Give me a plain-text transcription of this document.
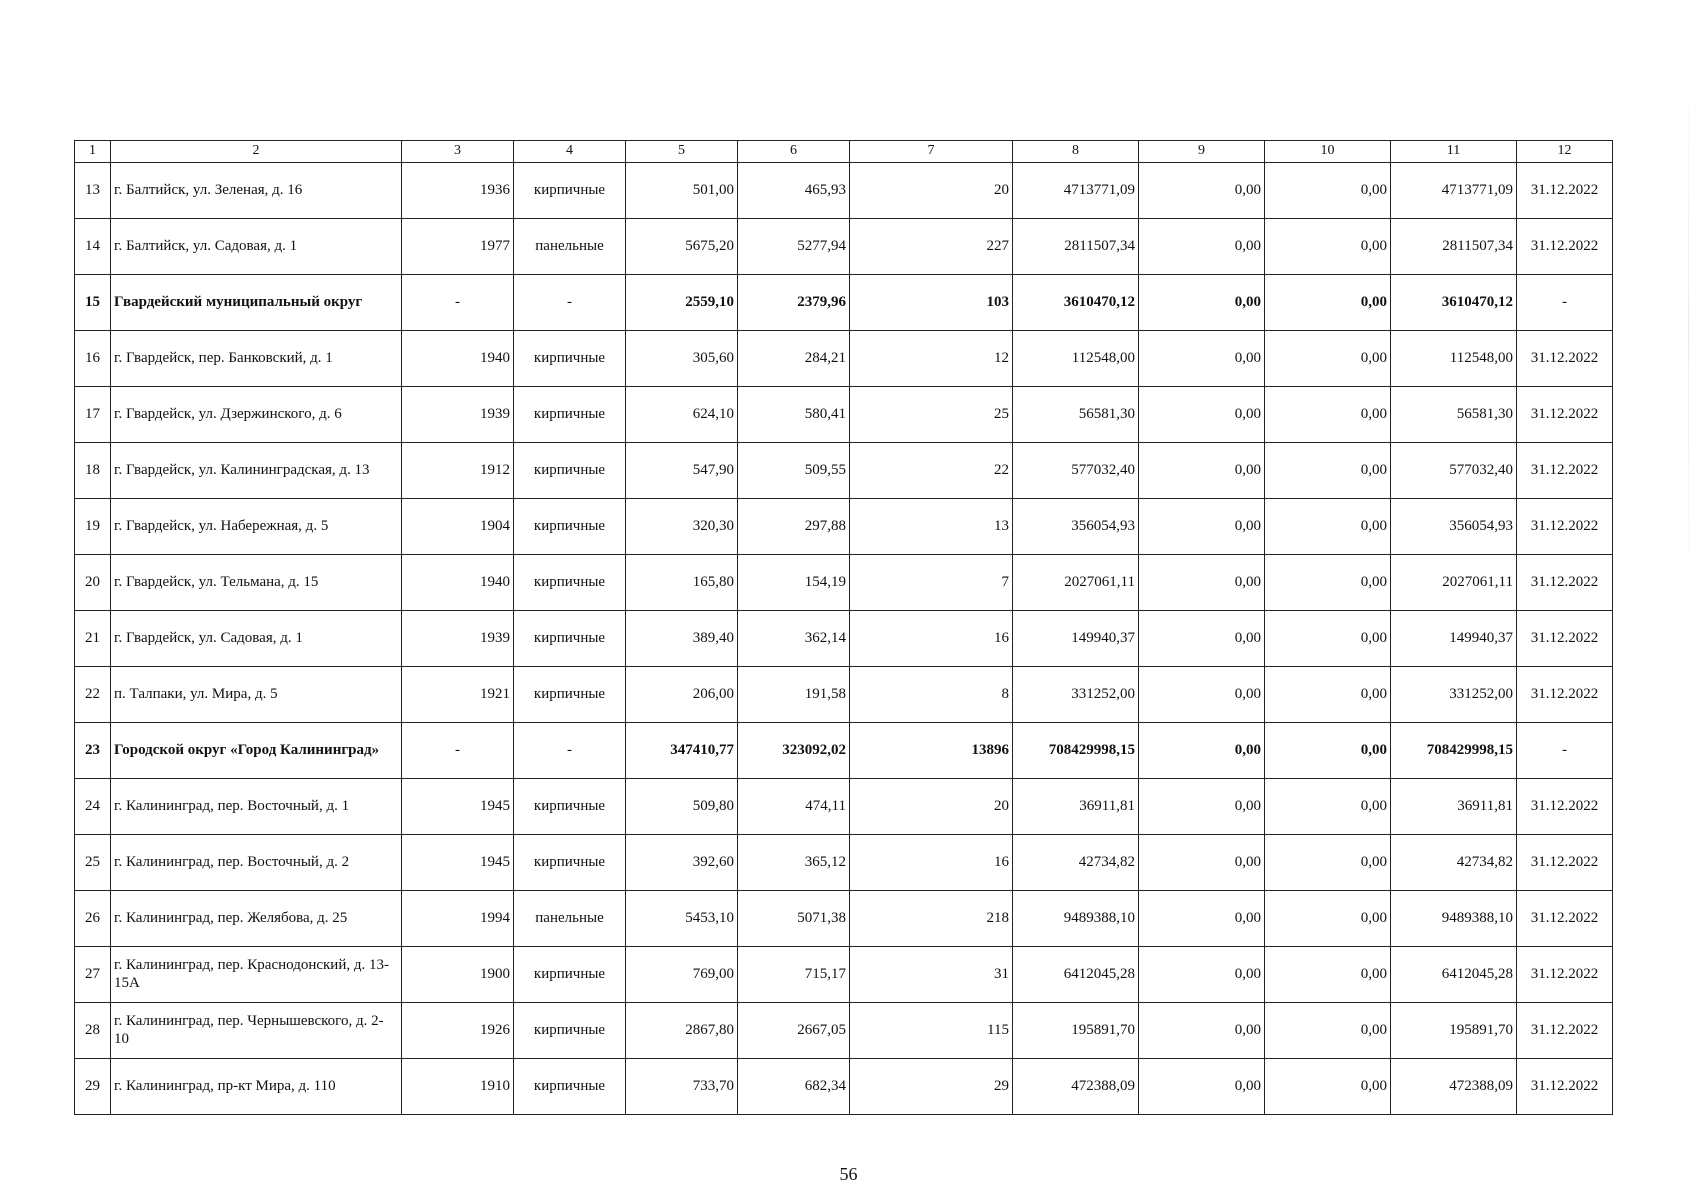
1	2	3	4	5	6	7	8	9	10	11	12
13	г. Балтийск, ул. Зеленая, д. 16	1936	кирпичные	501,00	465,93	20	4713771,09	0,00	0,00	4713771,09	31.12.2022
14	г. Балтийск, ул. Садовая, д. 1	1977	панельные	5675,20	5277,94	227	2811507,34	0,00	0,00	2811507,34	31.12.2022
15	Гвардейский муниципальный округ	-	-	2559,10	2379,96	103	3610470,12	0,00	0,00	3610470,12	-
16	г. Гвардейск, пер. Банковский, д. 1	1940	кирпичные	305,60	284,21	12	112548,00	0,00	0,00	112548,00	31.12.2022
17	г. Гвардейск, ул. Дзержинского, д. 6	1939	кирпичные	624,10	580,41	25	56581,30	0,00	0,00	56581,30	31.12.2022
18	г. Гвардейск, ул. Калининградская, д. 13	1912	кирпичные	547,90	509,55	22	577032,40	0,00	0,00	577032,40	31.12.2022
19	г. Гвардейск, ул. Набережная, д. 5	1904	кирпичные	320,30	297,88	13	356054,93	0,00	0,00	356054,93	31.12.2022
20	г. Гвардейск, ул. Тельмана, д. 15	1940	кирпичные	165,80	154,19	7	2027061,11	0,00	0,00	2027061,11	31.12.2022
21	г. Гвардейск, ул. Садовая, д. 1	1939	кирпичные	389,40	362,14	16	149940,37	0,00	0,00	149940,37	31.12.2022
22	п. Талпаки, ул. Мира, д. 5	1921	кирпичные	206,00	191,58	8	331252,00	0,00	0,00	331252,00	31.12.2022
23	Городской округ «Город Калининград»	-	-	347410,77	323092,02	13896	708429998,15	0,00	0,00	708429998,15	-
24	г. Калининград, пер. Восточный, д. 1	1945	кирпичные	509,80	474,11	20	36911,81	0,00	0,00	36911,81	31.12.2022
25	г. Калининград, пер. Восточный, д. 2	1945	кирпичные	392,60	365,12	16	42734,82	0,00	0,00	42734,82	31.12.2022
26	г. Калининград, пер. Желябова, д. 25	1994	панельные	5453,10	5071,38	218	9489388,10	0,00	0,00	9489388,10	31.12.2022
27	г. Калининград, пер. Краснодонский, д. 13-15А	1900	кирпичные	769,00	715,17	31	6412045,28	0,00	0,00	6412045,28	31.12.2022
28	г. Калининград, пер. Чернышевского, д. 2-10	1926	кирпичные	2867,80	2667,05	115	195891,70	0,00	0,00	195891,70	31.12.2022
29	г. Калининград, пр-кт Мира, д. 110	1910	кирпичные	733,70	682,34	29	472388,09	0,00	0,00	472388,09	31.12.2022
56
